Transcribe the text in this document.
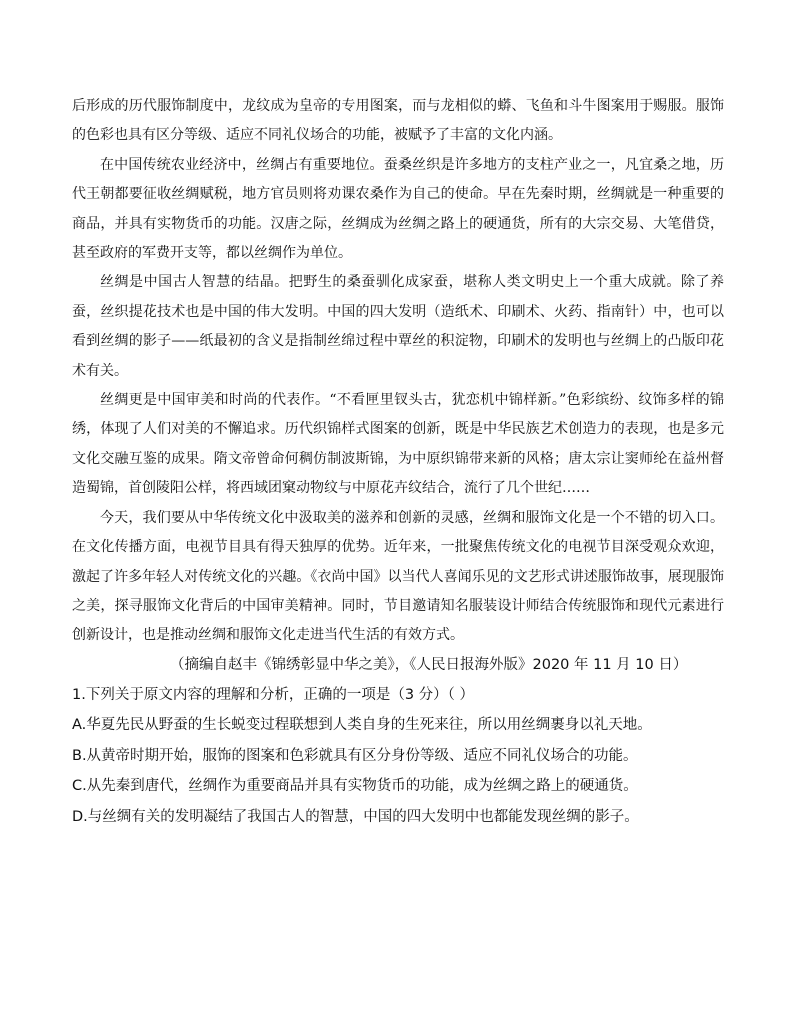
后形成的历代服饰制度中，龙纹成为皇帝的专用图案，而与龙相似的蟒、飞鱼和斗牛图案用于赐服。服饰的色彩也具有区分等级、适应不同礼仪场合的功能，被赋予了丰富的文化内涵。

在中国传统农业经济中，丝绸占有重要地位。蚕桑丝织是许多地方的支柱产业之一，凡宜桑之地，历代王朝都要征收丝绸赋税，地方官员则将劝课农桑作为自己的使命。早在先秦时期，丝绸就是一种重要的商品，并具有实物货币的功能。汉唐之际，丝绸成为丝绸之路上的硬通货，所有的大宗交易、大笔借贷，甚至政府的军费开支等，都以丝绸作为单位。

丝绸是中国古人智慧的结晶。把野生的桑蚕驯化成家蚕，堪称人类文明史上一个重大成就。除了养蚕，丝织提花技术也是中国的伟大发明。中国的四大发明（造纸术、印刷术、火药、指南针）中，也可以看到丝绸的影子——纸最初的含义是指制丝绵过程中覃丝的积淀物，印刷术的发明也与丝绸上的凸版印花术有关。

丝绸更是中国审美和时尚的代表作。“不看匣里钗头古，犹恋机中锦样新。”色彩缤纷、纹饰多样的锦绣，体现了人们对美的不懈追求。历代织锦样式图案的创新，既是中华民族艺术创造力的表现，也是多元文化交融互鉴的成果。隋文帝曾命何稠仿制波斯锦，为中原织锦带来新的风格；唐太宗让窦师纶在益州督造蜀锦，首创陵阳公样，将西域团窠动物纹与中原花卉纹结合，流行了几个世纪……

今天，我们要从中华传统文化中汲取美的滋养和创新的灵感，丝绸和服饰文化是一个不错的切入口。在文化传播方面，电视节目具有得天独厚的优势。近年来，一批聚焦传统文化的电视节目深受观众欢迎，激起了许多年轻人对传统文化的兴趣。《衣尚中国》以当代人喜闻乐见的文艺形式讲述服饰故事，展现服饰之美，探寻服饰文化背后的中国审美精神。同时，节目邀请知名服装设计师结合传统服饰和现代元素进行创新设计，也是推动丝绸和服饰文化走进当代生活的有效方式。

（摘编自赵丰《锦绣彰显中华之美》，《人民日报海外版》2020 年 11 月 10 日）

1.下列关于原文内容的理解和分析，正确的一项是（3 分）（ ）

A.华夏先民从野蚕的生长蜕变过程联想到人类自身的生死来往，所以用丝绸裹身以礼天地。

B.从黄帝时期开始，服饰的图案和色彩就具有区分身份等级、适应不同礼仪场合的功能。

C.从先秦到唐代，丝绸作为重要商品并具有实物货币的功能，成为丝绸之路上的硬通货。

D.与丝绸有关的发明凝结了我国古人的智慧，中国的四大发明中也都能发现丝绸的影子。
